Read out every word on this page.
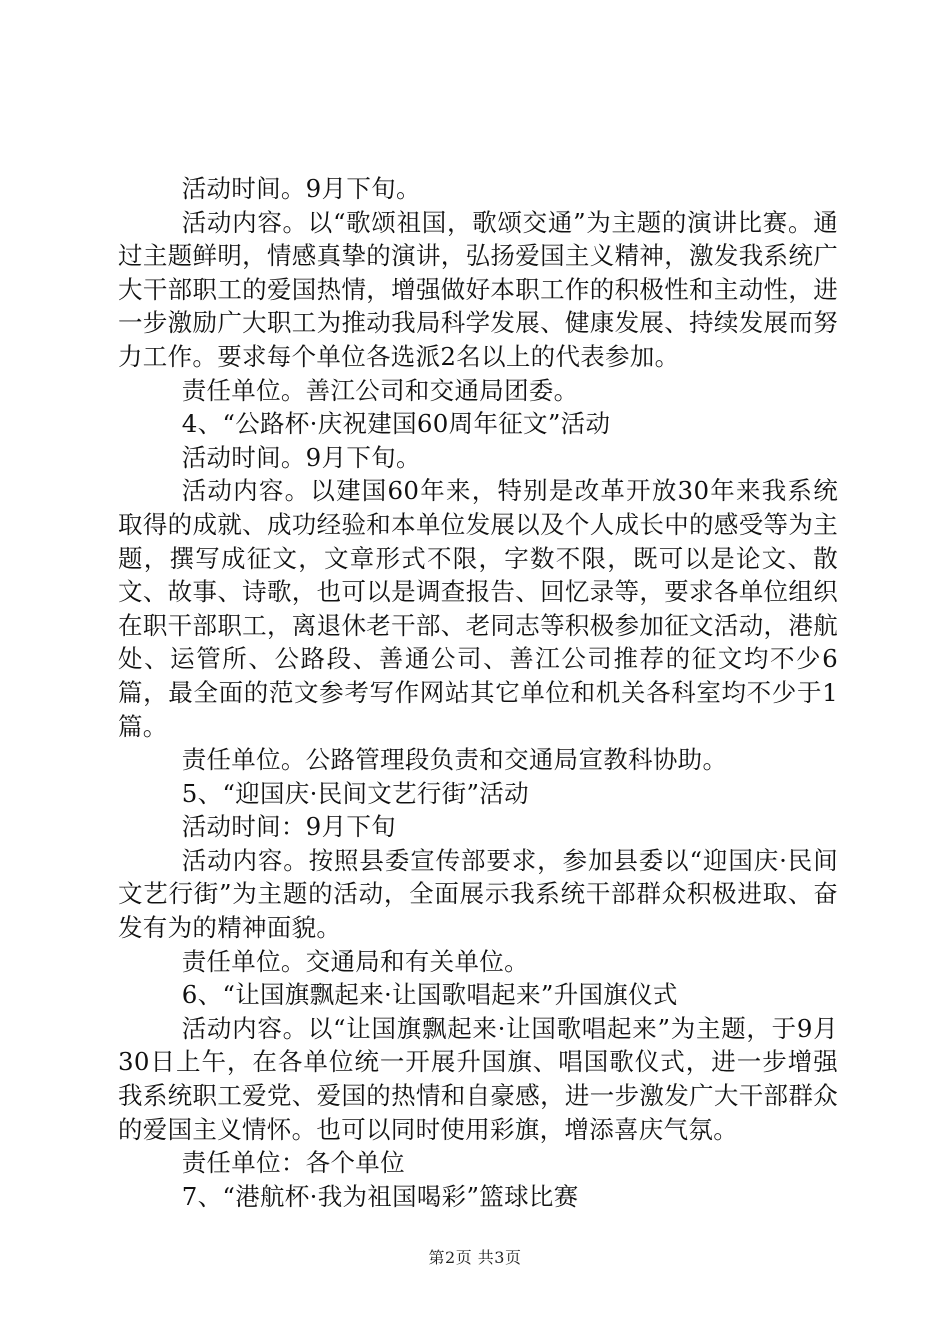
活动时间。9月下旬。

活动内容。以“歌颂祖国，歌颂交通”为主题的演讲比赛。通过主题鲜明，情感真挚的演讲，弘扬爱国主义精神，激发我系统广大干部职工的爱国热情，增强做好本职工作的积极性和主动性，进一步激励广大职工为推动我局科学发展、健康发展、持续发展而努力工作。要求每个单位各选派2名以上的代表参加。

责任单位。善江公司和交通局团委。

4、“公路杯·庆祝建国60周年征文”活动

活动时间。9月下旬。

活动内容。以建国60年来，特别是改革开放30年来我系统取得的成就、成功经验和本单位发展以及个人成长中的感受等为主题，撰写成征文，文章形式不限，字数不限，既可以是论文、散文、故事、诗歌，也可以是调查报告、回忆录等，要求各单位组织在职干部职工，离退休老干部、老同志等积极参加征文活动，港航处、运管所、公路段、善通公司、善江公司推荐的征文均不少6篇，最全面的范文参考写作网站其它单位和机关各科室均不少于1篇。

责任单位。公路管理段负责和交通局宣教科协助。

5、“迎国庆·民间文艺行街”活动

活动时间：9月下旬

活动内容。按照县委宣传部要求，参加县委以“迎国庆·民间文艺行街”为主题的活动，全面展示我系统干部群众积极进取、奋发有为的精神面貌。

责任单位。交通局和有关单位。

6、“让国旗飘起来·让国歌唱起来”升国旗仪式

活动内容。以“让国旗飘起来·让国歌唱起来”为主题，于9月30日上午，在各单位统一开展升国旗、唱国歌仪式，进一步增强我系统职工爱党、爱国的热情和自豪感，进一步激发广大干部群众的爱国主义情怀。也可以同时使用彩旗，增添喜庆气氛。

责任单位：各个单位

7、“港航杯·我为祖国喝彩”篮球比赛

第2页 共3页
